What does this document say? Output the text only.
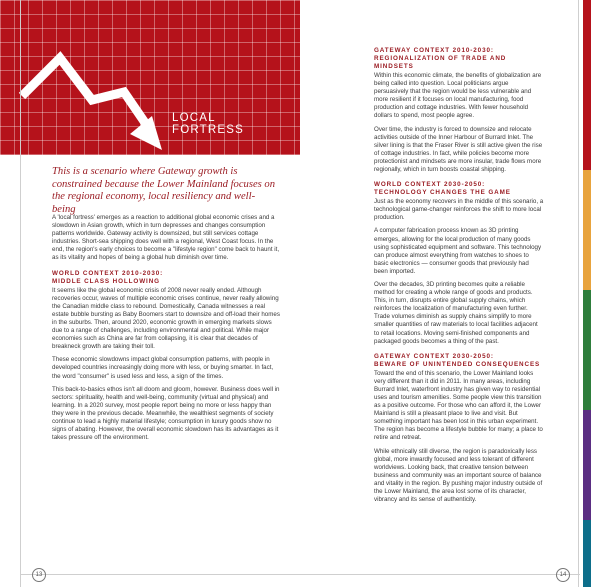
LOCAL
FORTRESS
This is a scenario where Gateway growth is constrained because the Lower Mainland focuses on the regional economy, local resiliency and well-being

A 'local fortress' emerges as a reaction to additional global economic crises and a slowdown in Asian growth, which in turn depresses and changes consumption patterns worldwide. Gateway activity is downsized, but still services cottage industries. Short-sea shipping does well with a regional, West Coast focus. In the end, the region's early choices to become a "lifestyle region" come back to haunt it, as its vitality and hopes of being a global hub diminish over time.

WORLD CONTEXT 2010-2030:
MIDDLE CLASS HOLLOWING

It seems like the global economic crisis of 2008 never really ended. Although recoveries occur, waves of multiple economic crises continue, never really allowing the Canadian middle class to rebound. Domestically, Canada witnesses a real estate bubble bursting as Baby Boomers start to downsize and off-load their homes in the suburbs. Then, around 2020, economic growth in emerging markets slows due to a range of challenges, including environmental and political. While major economies such as China are far from collapsing, it is clear that decades of breakneck growth are taking their toll.

These economic slowdowns impact global consumption patterns, with people in developed countries increasingly doing more with less, or buying smarter. In fact, the word "consumer" is used less and less, a sign of the times.

This back-to-basics ethos isn't all doom and gloom, however. Business does well in sectors: spirituality, health and well-being, community (virtual and physical) and learning. In a 2020 survey, most people report being no more or less happy than they were in the previous decade. Meanwhile, the wealthiest segments of society continue to lead a highly material lifestyle; consumption in luxury goods show no signs of abating. However, the overall economic slowdown has its advantages as it takes pressure off the environment.

GATEWAY CONTEXT 2010-2030:
REGIONALIZATION OF TRADE AND MINDSETS

Within this economic climate, the benefits of globalization are being called into question. Local politicians argue persuasively that the region would be less vulnerable and more resilient if it focuses on local manufacturing, food production and cottage industries. With fewer household dollars to spend, most people agree.

Over time, the industry is forced to downsize and relocate activities outside of the Inner Harbour of Burrard Inlet. The silver lining is that the Fraser River is still active given the rise of cottage industries. In fact, while policies become more protectionist and mindsets are more insular, trade flows more regionally, which in turn boosts coastal shipping.

WORLD CONTEXT 2030-2050:
TECHNOLOGY CHANGES THE GAME

Just as the economy recovers in the middle of this scenario, a technological game-changer reinforces the shift to more local production.

A computer fabrication process known as 3D printing emerges, allowing for the local production of many goods using sophisticated equipment and software. This technology can produce almost everything from watches to shoes to basic electronics — consumer goods that previously had been imported.

Over the decades, 3D printing becomes quite a reliable method for creating a whole range of goods and products. This, in turn, disrupts entire global supply chains, which reinforces the localization of manufacturing even further. Trade volumes diminish as supply chains simplify to more smaller quantities of raw materials to local facilities adjacent to retail locations. Moving semi-finished components and packaged goods becomes a thing of the past.

GATEWAY CONTEXT 2030-2050:
BEWARE OF UNINTENDED CONSEQUENCES

Toward the end of this scenario, the Lower Mainland looks very different than it did in 2011. In many areas, including Burrard Inlet, waterfront industry has given way to residential uses and tourism amenities. Some people view this transition as a positive outcome. For those who can afford it, the Lower Mainland is still a pleasant place to live and visit. But something important has been lost in this urban experiment. The region has become a lifestyle bubble for many; a place to retire and retreat.

While ethnically still diverse, the region is paradoxically less global, more inwardly focused and less tolerant of different worldviews. Looking back, that creative tension between business and community was an important source of balance and vitality in the region. By pushing major industry outside of the Lower Mainland, the area lost some of its character, vibrancy and its sense of authenticity.

13	14
